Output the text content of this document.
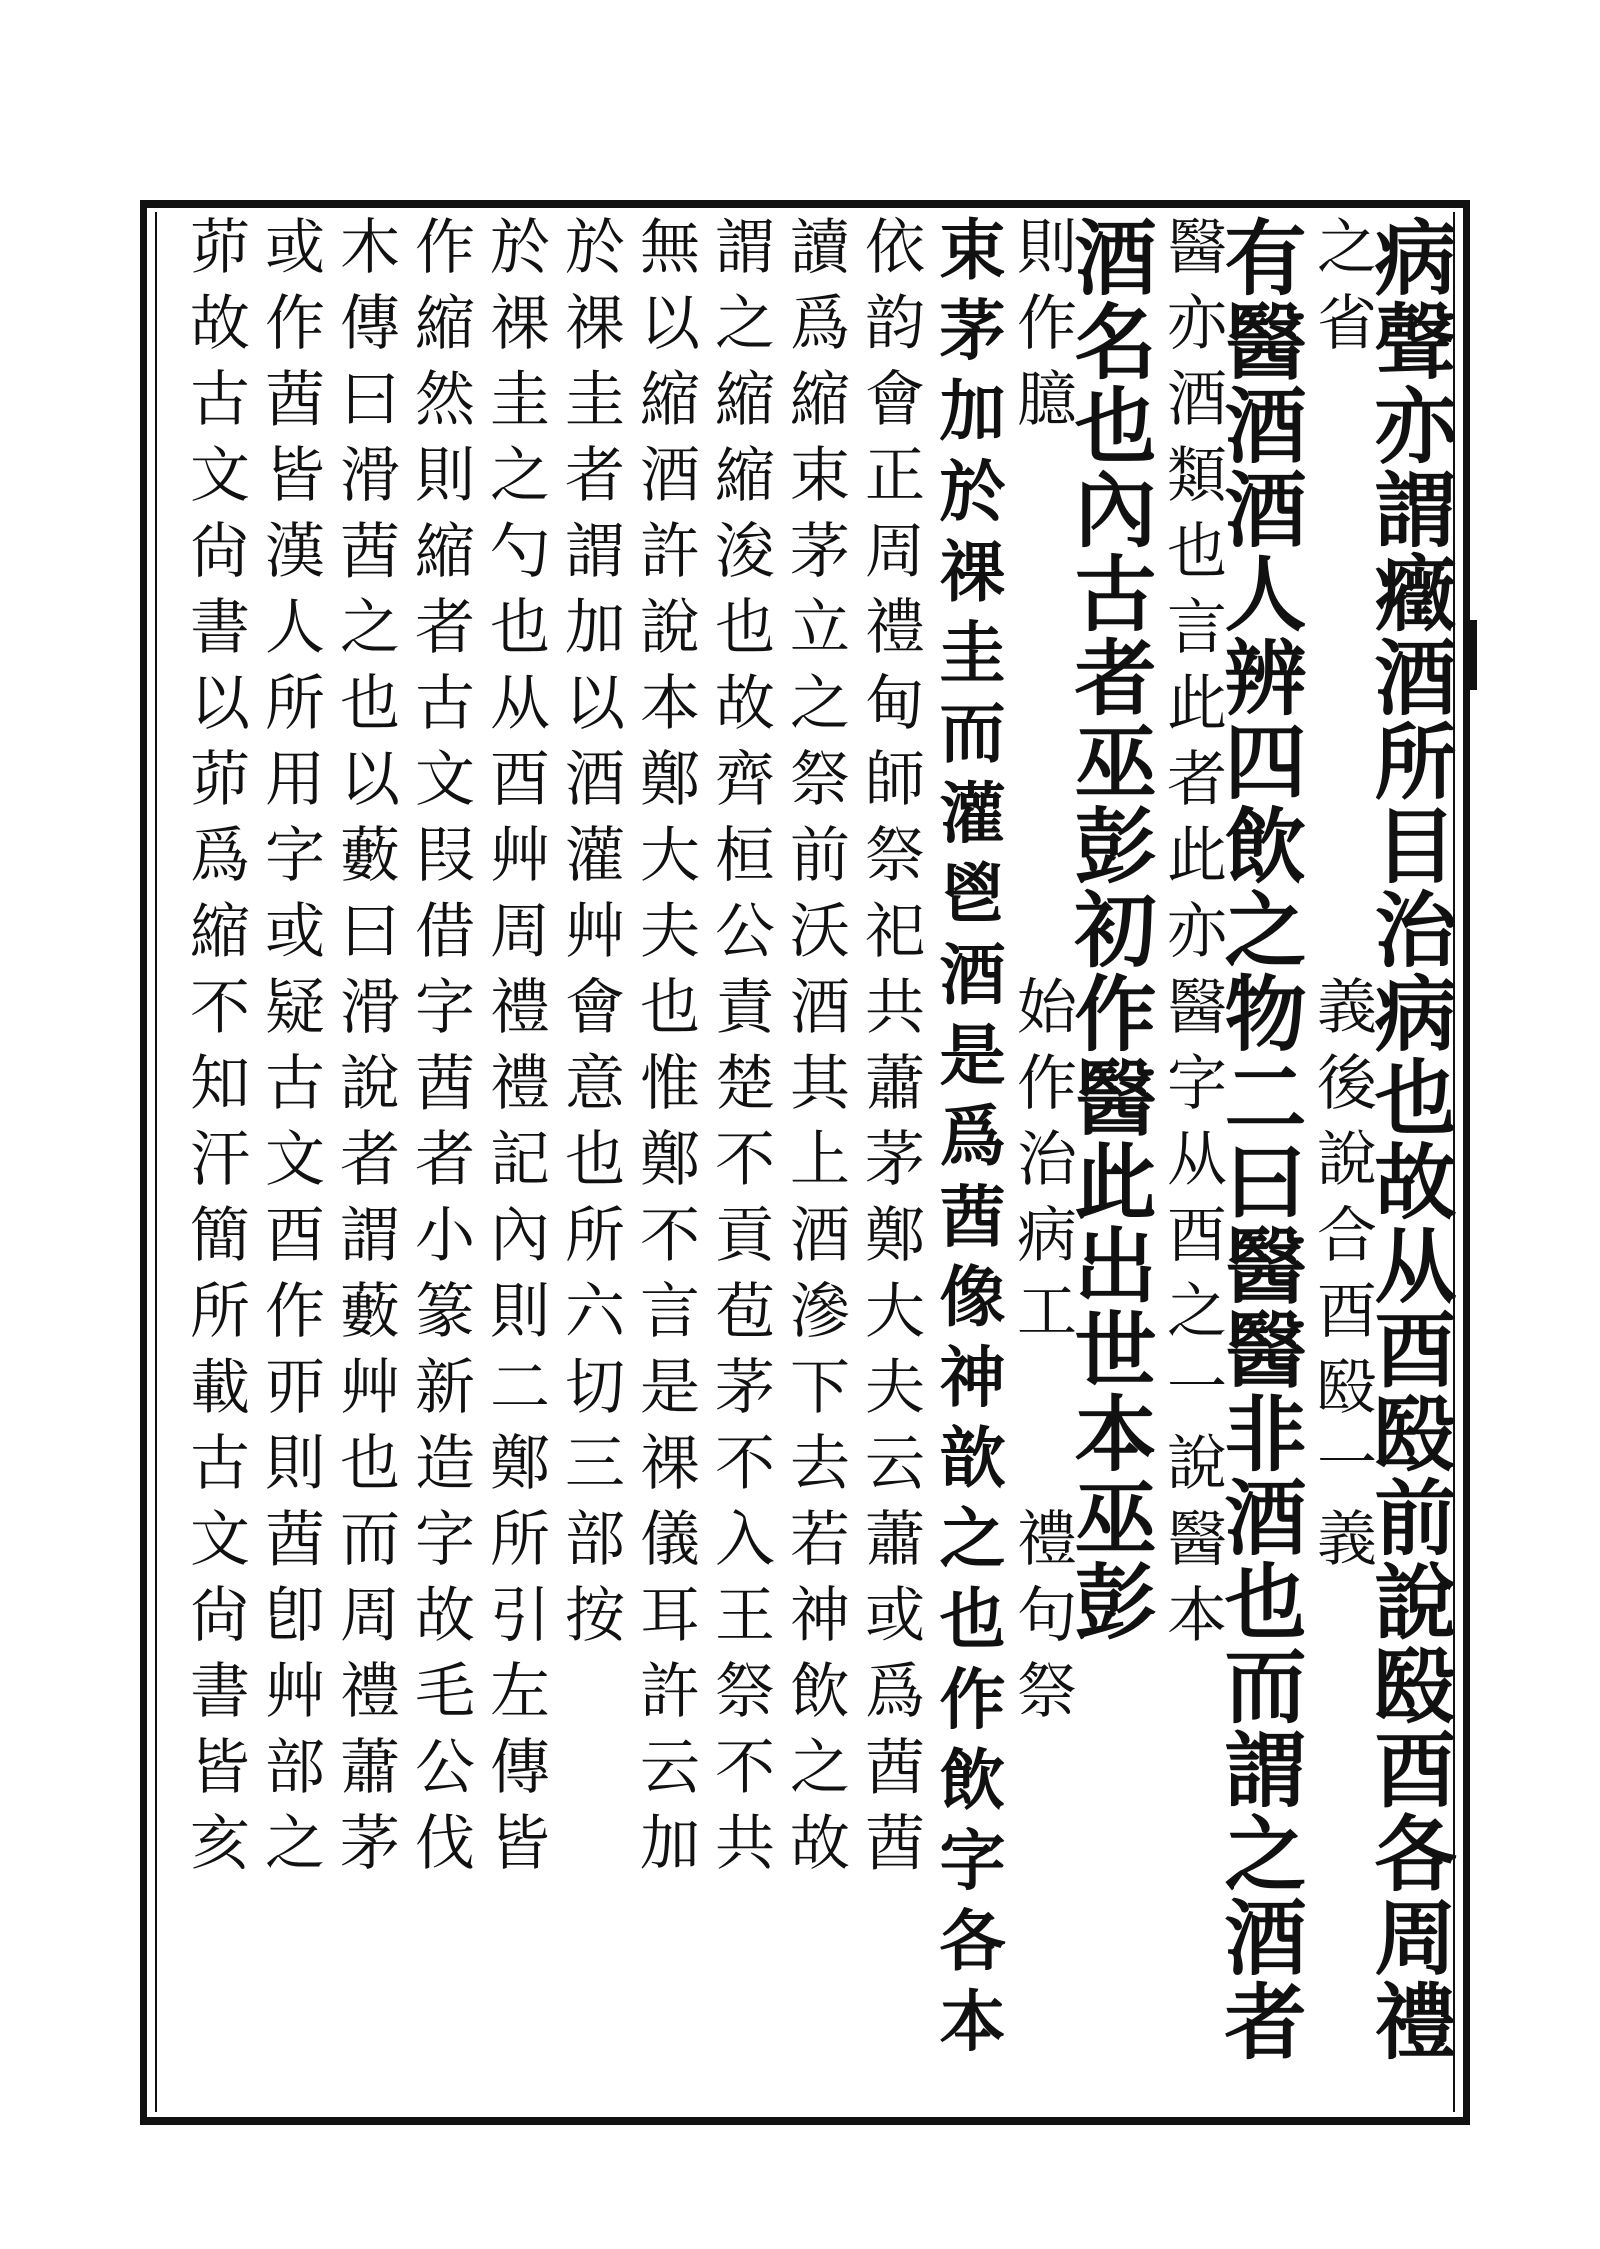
病聲亦謂癥酒所目治病也故从酉殹前說殹酉各周禮
之省　　　　　　　　義後說合酉殹一義
有醫酒酒人辨四飲之物二曰醫醫非酒也而謂之酒者
醫亦酒類也言此者此亦醫字从酉之一說醫本
酒名也內古者巫彭初作醫此出世本巫彭
則作臆　　　　　　　始作治病工　　禮句祭
束茅加於祼圭而灌鬯酒是爲莤像神歆之也作飲字各本
依韵會正周禮甸師祭祀共蕭茅鄭大夫云蕭或爲莤莤
讀爲縮束茅立之祭前沃酒其上酒滲下去若神飲之故
謂之縮縮浚也故齊桓公責楚不貢苞茅不入王祭不共
無以縮酒許說本鄭大夫也惟鄭不言是祼儀耳許云加
於祼圭者謂加以酒灌艸會意也所六切三部按
於祼圭之勺也从酉艸周禮禮記內則二鄭所引左傳皆
作縮然則縮者古文叚借字莤者小篆新造字故毛公伐
木傳曰滑莤之也以藪曰滑說者謂藪艸也而周禮蕭茅
或作莤皆漢人所用字或疑古文酉作丣則莤卽艸部之
茆故古文尙書以茆爲縮不知汗簡所載古文尙書皆亥
